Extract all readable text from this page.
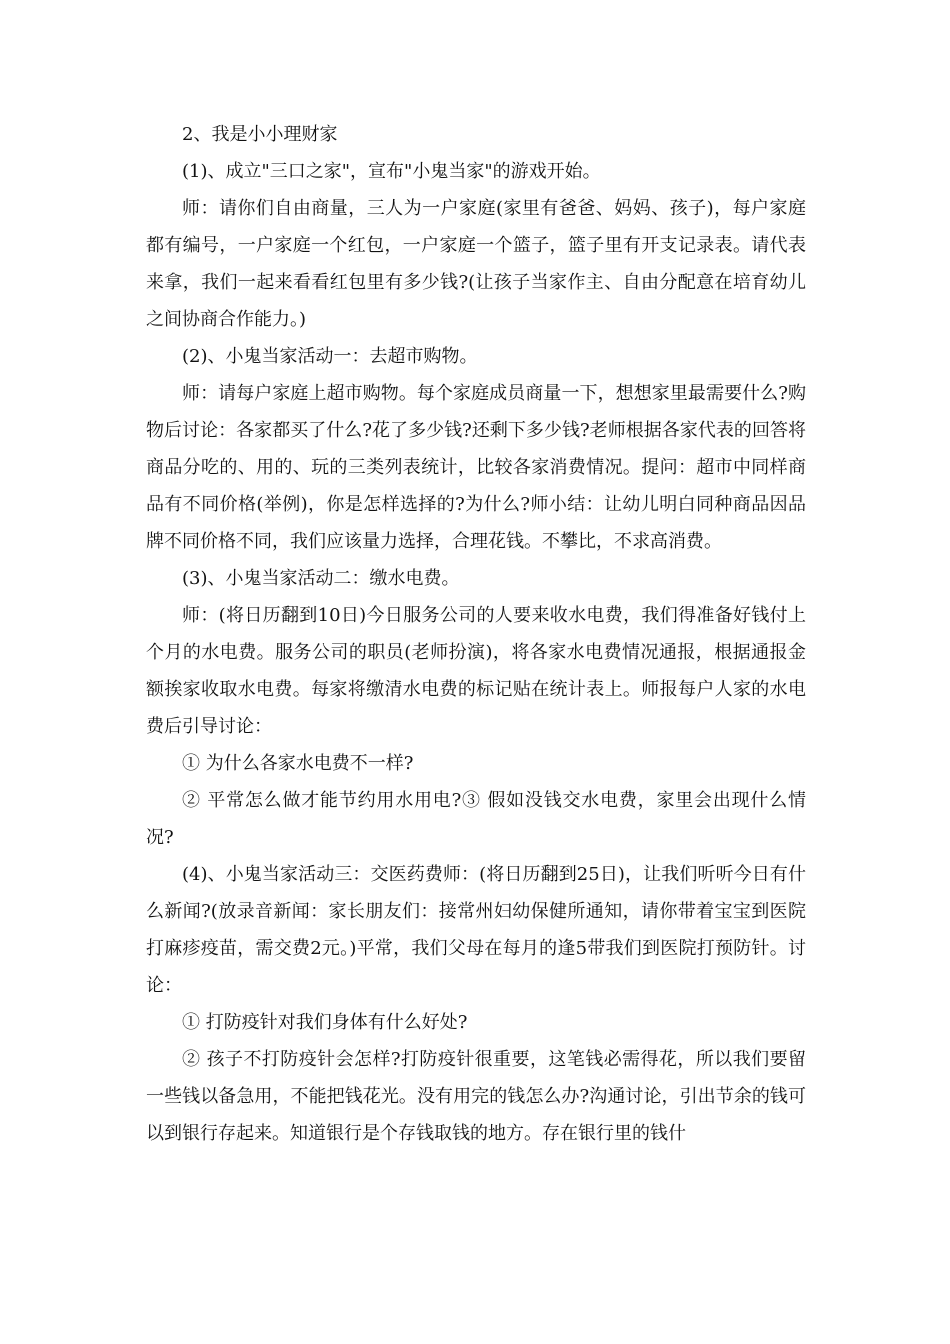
2、我是小小理财家

(1)、成立"三口之家"，宣布"小鬼当家"的游戏开始。

师：请你们自由商量，三人为一户家庭(家里有爸爸、妈妈、孩子)，每户家庭都有编号，一户家庭一个红包，一户家庭一个篮子，篮子里有开支记录表。请代表来拿，我们一起来看看红包里有多少钱?(让孩子当家作主、自由分配意在培育幼儿之间协商合作能力。)

(2)、小鬼当家活动一：去超市购物。

师：请每户家庭上超市购物。每个家庭成员商量一下，想想家里最需要什么?购物后讨论：各家都买了什么?花了多少钱?还剩下多少钱?老师根据各家代表的回答将商品分吃的、用的、玩的三类列表统计，比较各家消费情况。提问：超市中同样商品有不同价格(举例)，你是怎样选择的?为什么?师小结：让幼儿明白同种商品因品牌不同价格不同，我们应该量力选择，合理花钱。不攀比，不求高消费。

(3)、小鬼当家活动二：缴水电费。

师：(将日历翻到10日)今日服务公司的人要来收水电费，我们得准备好钱付上个月的水电费。服务公司的职员(老师扮演)，将各家水电费情况通报，根据通报金额挨家收取水电费。每家将缴清水电费的标记贴在统计表上。师报每户人家的水电费后引导讨论：

① 为什么各家水电费不一样?

② 平常怎么做才能节约用水用电?③ 假如没钱交水电费，家里会出现什么情况?

(4)、小鬼当家活动三：交医药费师：(将日历翻到25日)，让我们听听今日有什么新闻?(放录音新闻：家长朋友们：接常州妇幼保健所通知，请你带着宝宝到医院打麻疹疫苗，需交费2元。)平常，我们父母在每月的逢5带我们到医院打预防针。讨论：

① 打防疫针对我们身体有什么好处?

② 孩子不打防疫针会怎样?打防疫针很重要，这笔钱必需得花，所以我们要留一些钱以备急用，不能把钱花光。没有用完的钱怎么办?沟通讨论，引出节余的钱可以到银行存起来。知道银行是个存钱取钱的地方。存在银行里的钱什
